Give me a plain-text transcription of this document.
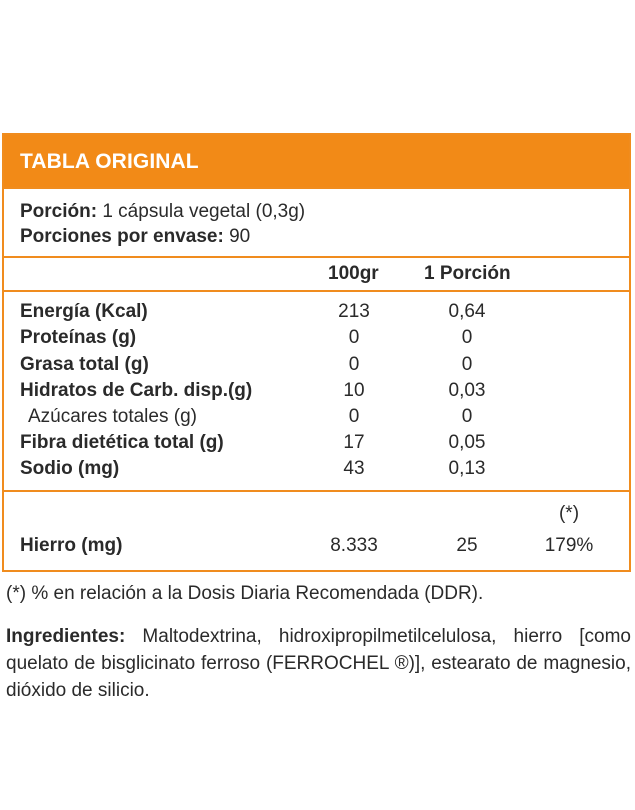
TABLA ORIGINAL
Porción: 1 cápsula vegetal (0,3g)
Porciones por envase: 90
100gr 1 Porción
Energía (Kcal)	213	0,64
Proteínas (g)	0	0
Grasa total (g)	0	0
Hidratos de Carb. disp.(g)	10	0,03
Azúcares totales (g)	0	0
Fibra dietética total (g)	17	0,05
Sodio (mg)	43	0,13
(*)
Hierro (mg)	8.333	25	179%
(*) % en relación a la Dosis Diaria Recomendada (DDR).
Ingredientes: Maltodextrina, hidroxipropilmetilcelulosa, hierro [como quelato de bisglicinato ferroso (FERROCHEL ®)], estearato de magnesio, dióxido de silicio.
